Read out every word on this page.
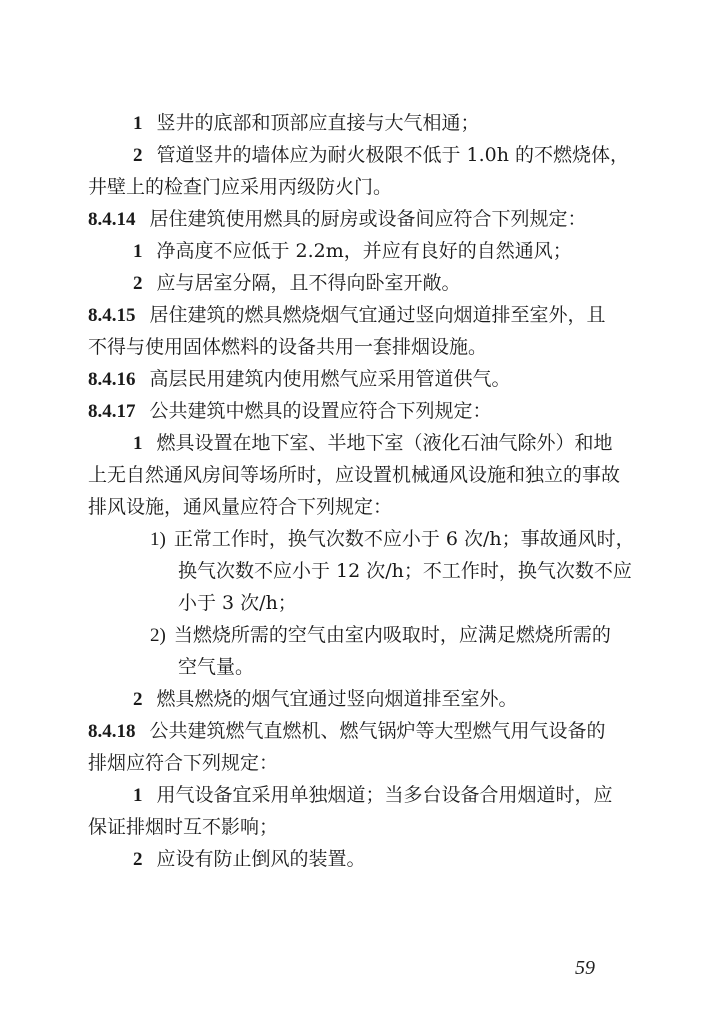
1 竖井的底部和顶部应直接与大气相通；
2 管道竖井的墙体应为耐火极限不低于 1.0h 的不燃烧体，
井壁上的检查门应采用丙级防火门。
8.4.14 居住建筑使用燃具的厨房或设备间应符合下列规定：
1 净高度不应低于 2.2m，并应有良好的自然通风；
2 应与居室分隔，且不得向卧室开敞。
8.4.15 居住建筑的燃具燃烧烟气宜通过竖向烟道排至室外，且
不得与使用固体燃料的设备共用一套排烟设施。
8.4.16 高层民用建筑内使用燃气应采用管道供气。
8.4.17 公共建筑中燃具的设置应符合下列规定：
1 燃具设置在地下室、半地下室（液化石油气除外）和地
上无自然通风房间等场所时，应设置机械通风设施和独立的事故
排风设施，通风量应符合下列规定：
1) 正常工作时，换气次数不应小于 6 次/h；事故通风时，
换气次数不应小于 12 次/h；不工作时，换气次数不应
小于 3 次/h；
2) 当燃烧所需的空气由室内吸取时，应满足燃烧所需的
空气量。
2 燃具燃烧的烟气宜通过竖向烟道排至室外。
8.4.18 公共建筑燃气直燃机、燃气锅炉等大型燃气用气设备的
排烟应符合下列规定：
1 用气设备宜采用单独烟道；当多台设备合用烟道时，应
保证排烟时互不影响；
2 应设有防止倒风的装置。
59
